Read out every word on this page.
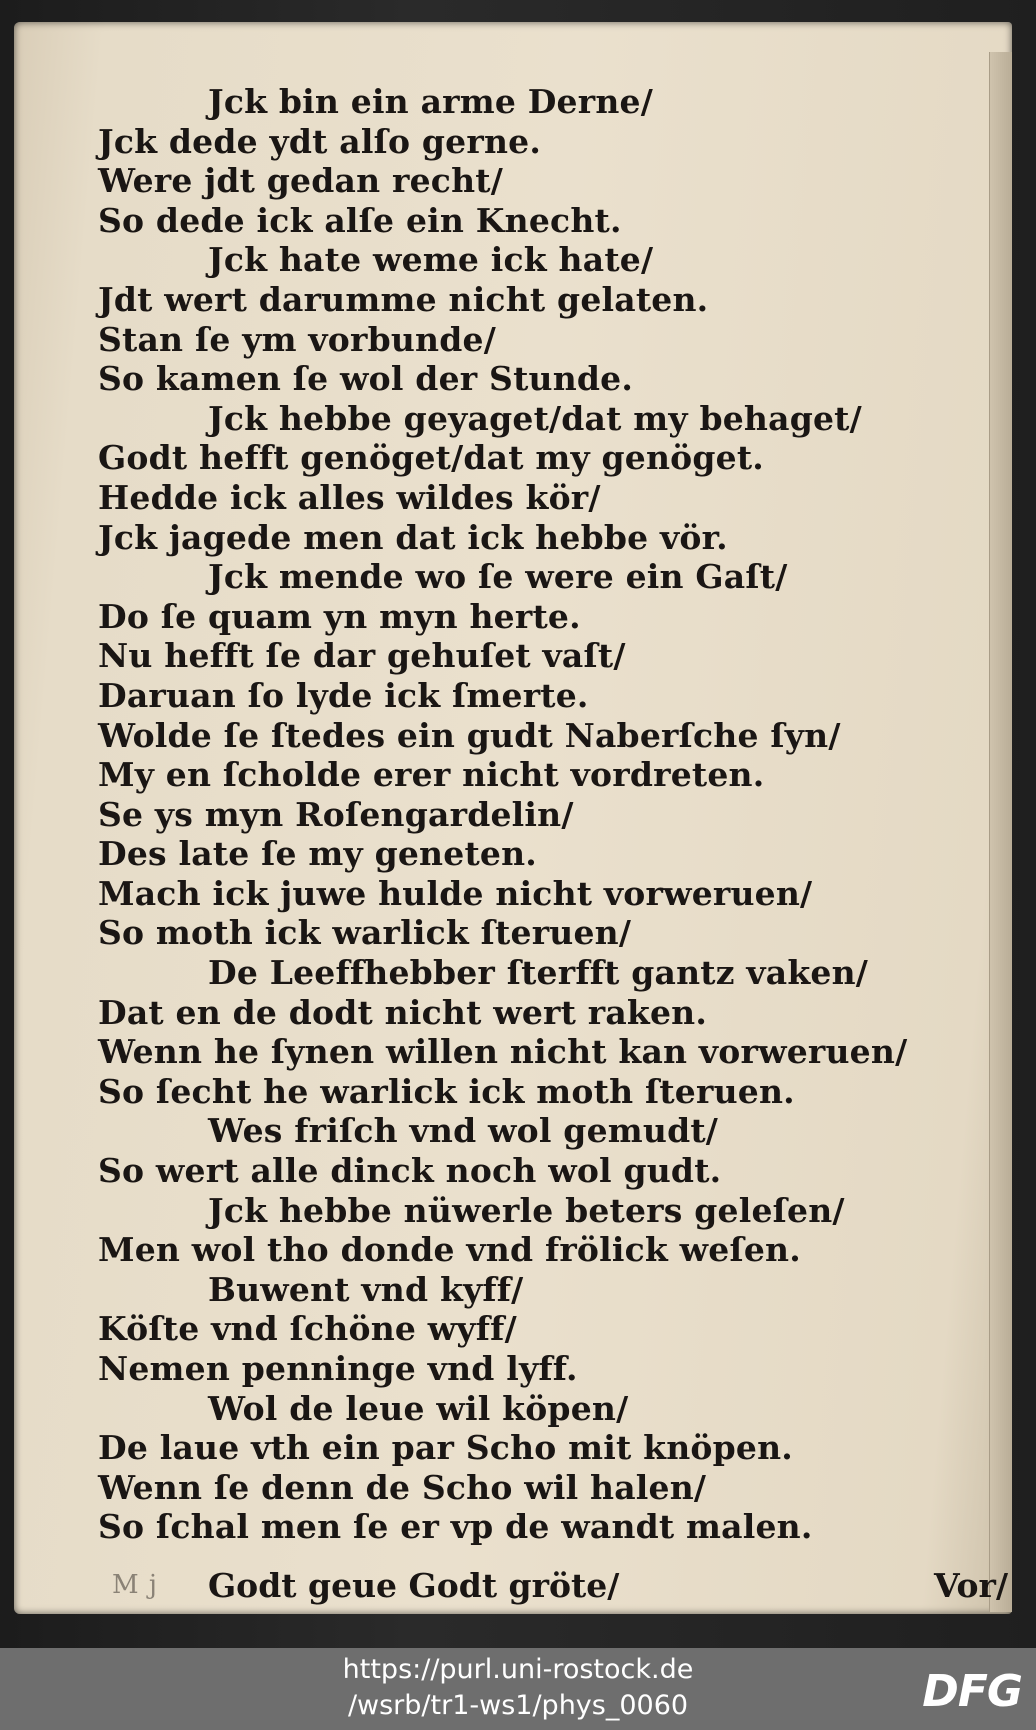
Jck bin ein arme Derne/
Jck dede ydt alſo gerne.
Were jdt gedan recht/
So dede ick alſe ein Knecht.
Jck hate weme ick hate/
Jdt wert darumme nicht gelaten.
Stan ſe ym vorbunde/
So kamen ſe wol der Stunde.
Jck hebbe geyaget/dat my behaget/
Godt hefft genöget/dat my genöget.
Hedde ick alles wildes kör/
Jck jagede men dat ick hebbe vör.
Jck mende wo ſe were ein Gaſt/
Do ſe quam yn myn herte.
Nu hefft ſe dar gehuſet vaſt/
Daruan ſo lyde ick ſmerte.
Wolde ſe ſtedes ein gudt Naberſche ſyn/
My en ſcholde erer nicht vordreten.
Se ys myn Roſengardelin/
Des late ſe my geneten.
Mach ick juwe hulde nicht vorweruen/
So moth ick warlick ſteruen/
De Leeffhebber ſterfft gantz vaken/
Dat en de dodt nicht wert raken.
Wenn he ſynen willen nicht kan vorweruen/
So ſecht he warlick ick moth ſteruen.
Wes friſch vnd wol gemudt/
So wert alle dinck noch wol gudt.
Jck hebbe nüwerle beters geleſen/
Men wol tho donde vnd frölick weſen.
Buwent vnd kyff/
Köſte vnd ſchöne wyff/
Nemen penninge vnd lyff.
Wol de leue wil köpen/
De laue vth ein par Scho mit knöpen.
Wenn ſe denn de Scho wil halen/
So ſchal men ſe er vp de wandt malen.
M j Godt geue Godt gröte/	Vor/
https://purl.uni-rostock.de
/wsrb/tr1-ws1/phys_0060	DFG
